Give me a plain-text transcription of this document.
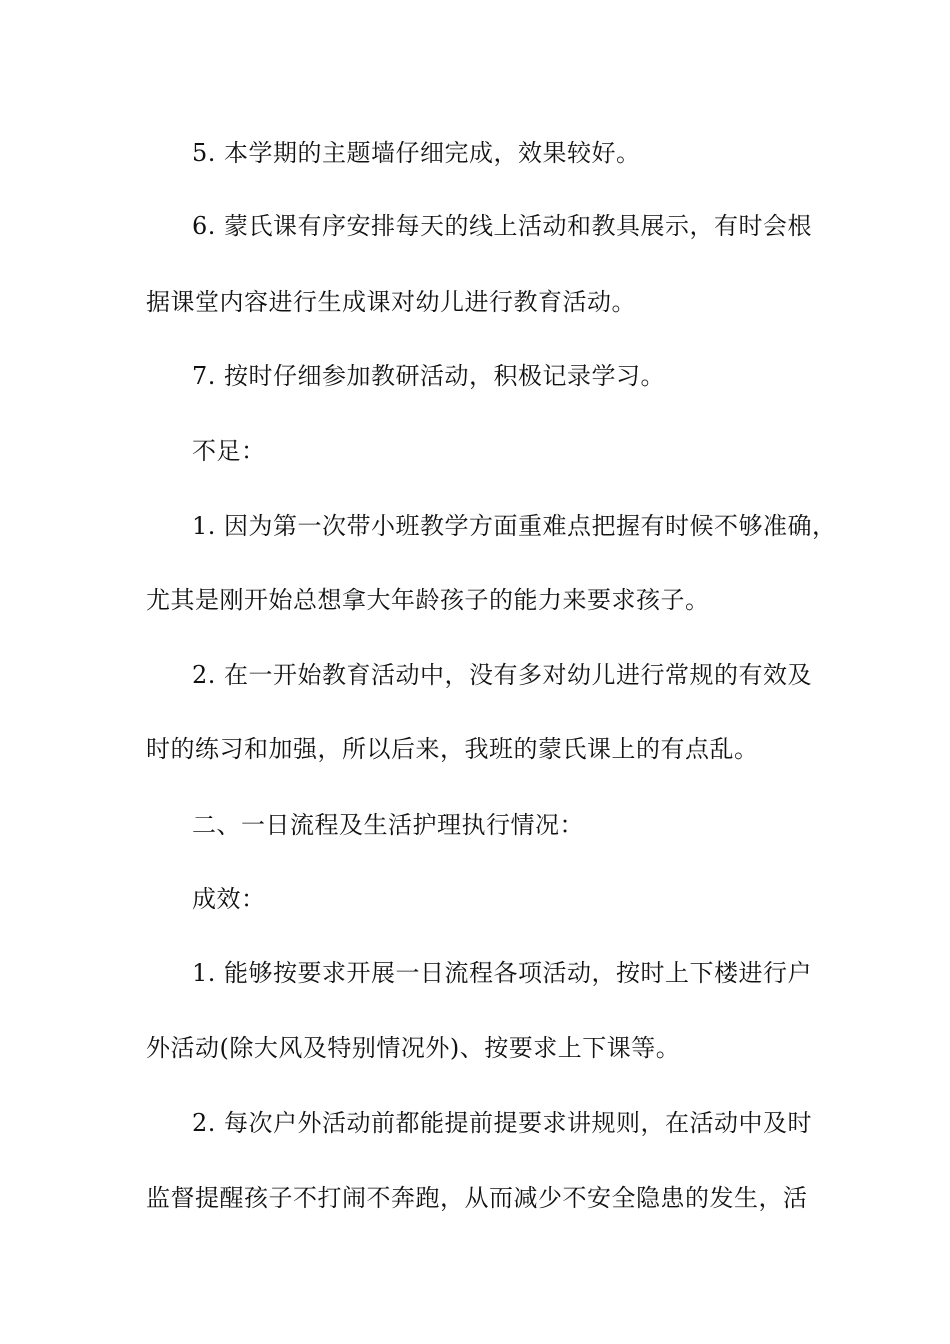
5. 本学期的主题墙仔细完成，效果较好。
6. 蒙氏课有序安排每天的线上活动和教具展示，有时会根
据课堂内容进行生成课对幼儿进行教育活动。
7. 按时仔细参加教研活动，积极记录学习。
不足：
1. 因为第一次带小班教学方面重难点把握有时候不够准确，
尤其是刚开始总想拿大年龄孩子的能力来要求孩子。
2. 在一开始教育活动中，没有多对幼儿进行常规的有效及
时的练习和加强，所以后来，我班的蒙氏课上的有点乱。
二、一日流程及生活护理执行情况：
成效：
1. 能够按要求开展一日流程各项活动，按时上下楼进行户
外活动(除大风及特别情况外)、按要求上下课等。
2. 每次户外活动前都能提前提要求讲规则，在活动中及时
监督提醒孩子不打闹不奔跑，从而减少不安全隐患的发生，活
